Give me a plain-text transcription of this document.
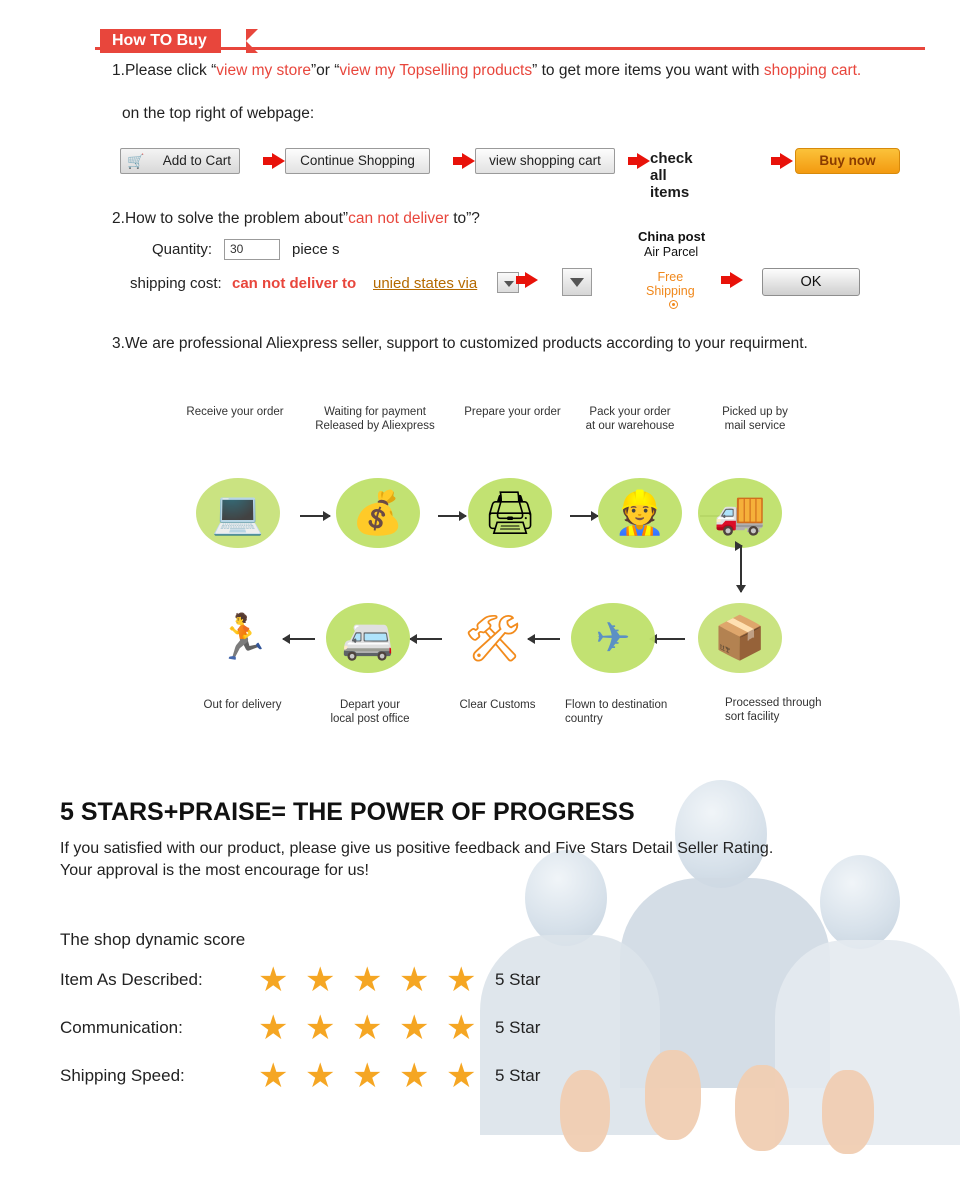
How TO Buy
1.Please click “view my store”or “view my Topselling products” to get more items you want with shopping cart.
on the top right of webpage:
🛒 Add to Cart	Continue Shopping	view shopping cart	check all items
Buy now
2.How to solve the problem about”can not deliver to”?
Quantity:	30	piece s
shipping cost: can not deliver to unied states via
China post
Air Parcel
Free
Shipping
OK
3.We are professional Aliexpress seller, support to customized products according to your requirment.
Receive your order	Waiting for payment
Released by Aliexpress
Prepare your order	Pack your order
at our warehouse
Picked up by
mail service
💻	💰	🖨	👷	🚚
📦
✈
🛠
🚐
🏃
Out for delivery	Depart your
local post office
Clear Customs	Flown to destination
country
Processed through
sort facility
5 STARS+PRAISE= THE POWER OF PROGRESS
If you satisfied with our product, please give us positive feedback and Five Stars Detail Seller Rating.
Your approval is the most encourage for us!
The shop dynamic score
Item As Described: ★ ★ ★ ★ ★ 5 Star
Communication: ★ ★ ★ ★ ★ 5 Star
Shipping Speed: ★ ★ ★ ★ ★ 5 Star
